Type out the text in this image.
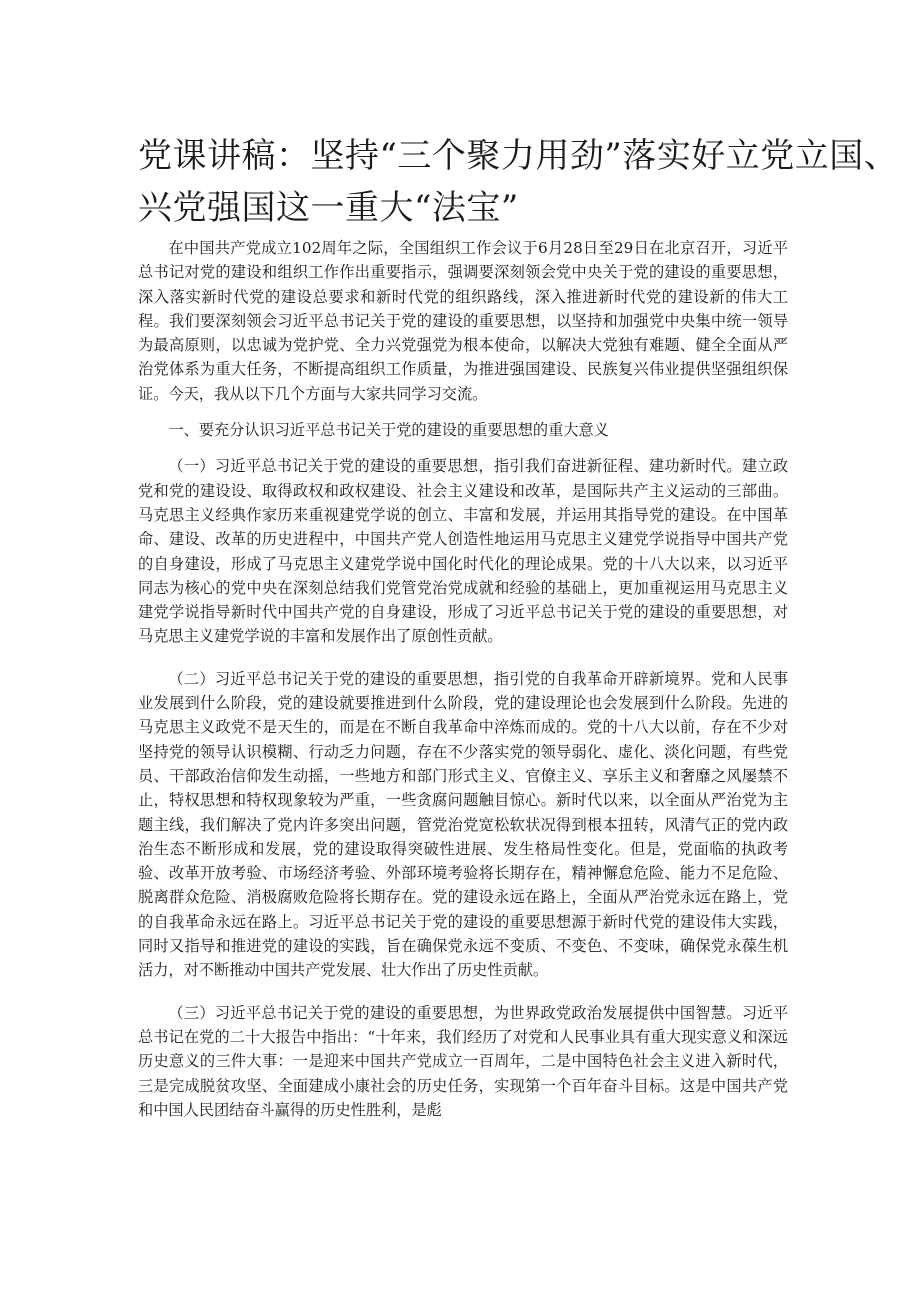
党课讲稿：坚持“三个聚力用劲”落实好立党立国、
兴党强国这一重大“法宝”

在中国共产党成立102周年之际，全国组织工作会议于6月28日至29日在北京召开，习近平总书记对党的建设和组织工作作出重要指示，强调要深刻领会党中央关于党的建设的重要思想，深入落实新时代党的建设总要求和新时代党的组织路线，深入推进新时代党的建设新的伟大工程。我们要深刻领会习近平总书记关于党的建设的重要思想，以坚持和加强党中央集中统一领导为最高原则，以忠诚为党护党、全力兴党强党为根本使命，以解决大党独有难题、健全全面从严治党体系为重大任务，不断提高组织工作质量，为推进强国建设、民族复兴伟业提供坚强组织保证。今天，我从以下几个方面与大家共同学习交流。

一、要充分认识习近平总书记关于党的建设的重要思想的重大意义

（一）习近平总书记关于党的建设的重要思想，指引我们奋进新征程、建功新时代。建立政党和党的建设设、取得政权和政权建设、社会主义建设和改革，是国际共产主义运动的三部曲。马克思主义经典作家历来重视建党学说的创立、丰富和发展，并运用其指导党的建设。在中国革命、建设、改革的历史进程中，中国共产党人创造性地运用马克思主义建党学说指导中国共产党的自身建设，形成了马克思主义建党学说中国化时代化的理论成果。党的十八大以来，以习近平同志为核心的党中央在深刻总结我们党管党治党成就和经验的基础上，更加重视运用马克思主义建党学说指导新时代中国共产党的自身建设，形成了习近平总书记关于党的建设的重要思想，对马克思主义建党学说的丰富和发展作出了原创性贡献。

（二）习近平总书记关于党的建设的重要思想，指引党的自我革命开辟新境界。党和人民事业发展到什么阶段，党的建设就要推进到什么阶段，党的建设理论也会发展到什么阶段。先进的马克思主义政党不是天生的，而是在不断自我革命中淬炼而成的。党的十八大以前，存在不少对坚持党的领导认识模糊、行动乏力问题，存在不少落实党的领导弱化、虚化、淡化问题，有些党员、干部政治信仰发生动摇，一些地方和部门形式主义、官僚主义、享乐主义和奢靡之风屡禁不止，特权思想和特权现象较为严重，一些贪腐问题触目惊心。新时代以来，以全面从严治党为主题主线，我们解决了党内许多突出问题，管党治党宽松软状况得到根本扭转，风清气正的党内政治生态不断形成和发展，党的建设取得突破性进展、发生格局性变化。但是，党面临的执政考验、改革开放考验、市场经济考验、外部环境考验将长期存在，精神懈怠危险、能力不足危险、脱离群众危险、消极腐败危险将长期存在。党的建设永远在路上，全面从严治党永远在路上，党的自我革命永远在路上。习近平总书记关于党的建设的重要思想源于新时代党的建设伟大实践，同时又指导和推进党的建设的实践，旨在确保党永远不变质、不变色、不变味，确保党永葆生机活力，对不断推动中国共产党发展、壮大作出了历史性贡献。

（三）习近平总书记关于党的建设的重要思想，为世界政党政治发展提供中国智慧。习近平总书记在党的二十大报告中指出：“十年来，我们经历了对党和人民事业具有重大现实意义和深远历史意义的三件大事：一是迎来中国共产党成立一百周年，二是中国特色社会主义进入新时代，三是完成脱贫攻坚、全面建成小康社会的历史任务，实现第一个百年奋斗目标。这是中国共产党和中国人民团结奋斗赢得的历史性胜利，是彪
